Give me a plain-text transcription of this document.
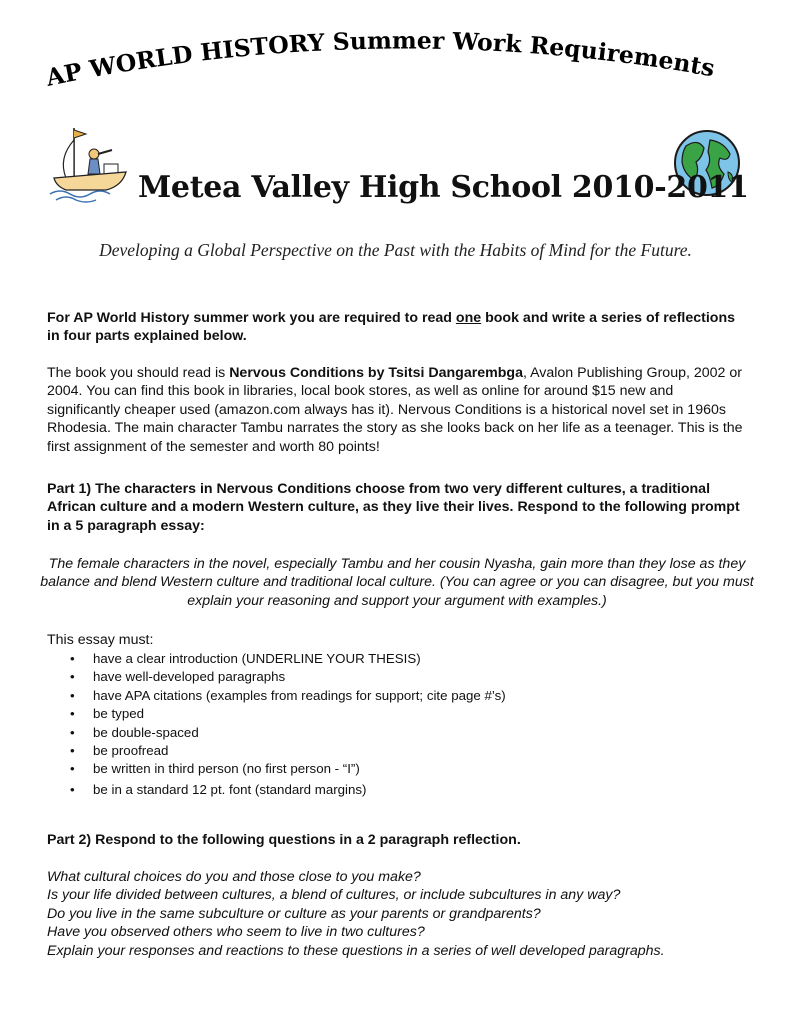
AP WORLD HISTORY Summer Work Requirements
Metea Valley High School 2010-2011
Developing a Global Perspective on the Past with the Habits of Mind for the Future.
For AP World History summer work you are required to read one book and write a series of reflections in four parts explained below.
The book you should read is Nervous Conditions by Tsitsi Dangarembga, Avalon Publishing Group, 2002 or 2004. You can find this book in libraries, local book stores, as well as online for around $15 new and significantly cheaper used (amazon.com always has it). Nervous Conditions is a historical novel set in 1960s Rhodesia. The main character Tambu narrates the story as she looks back on her life as a teenager. This is the first assignment of the semester and worth 80 points!
Part 1) The characters in Nervous Conditions choose from two very different cultures, a traditional African culture and a modern Western culture, as they live their lives. Respond to the following prompt in a 5 paragraph essay:
The female characters in the novel, especially Tambu and her cousin Nyasha, gain more than they lose as they balance and blend Western culture and traditional local culture. (You can agree or you can disagree, but you must explain your reasoning and support your argument with examples.)
This essay must:
• have a clear introduction (UNDERLINE YOUR THESIS)
• have well-developed paragraphs
• have APA citations (examples from readings for support; cite page #’s)
• be typed
• be double-spaced
• be proofread
• be written in third person (no first person - “I”)
• be in a standard 12 pt. font (standard margins)
Part 2) Respond to the following questions in a 2 paragraph reflection.
What cultural choices do you and those close to you make?
Is your life divided between cultures, a blend of cultures, or include subcultures in any way?
Do you live in the same subculture or culture as your parents or grandparents?
Have you observed others who seem to live in two cultures?
Explain your responses and reactions to these questions in a series of well developed paragraphs.
